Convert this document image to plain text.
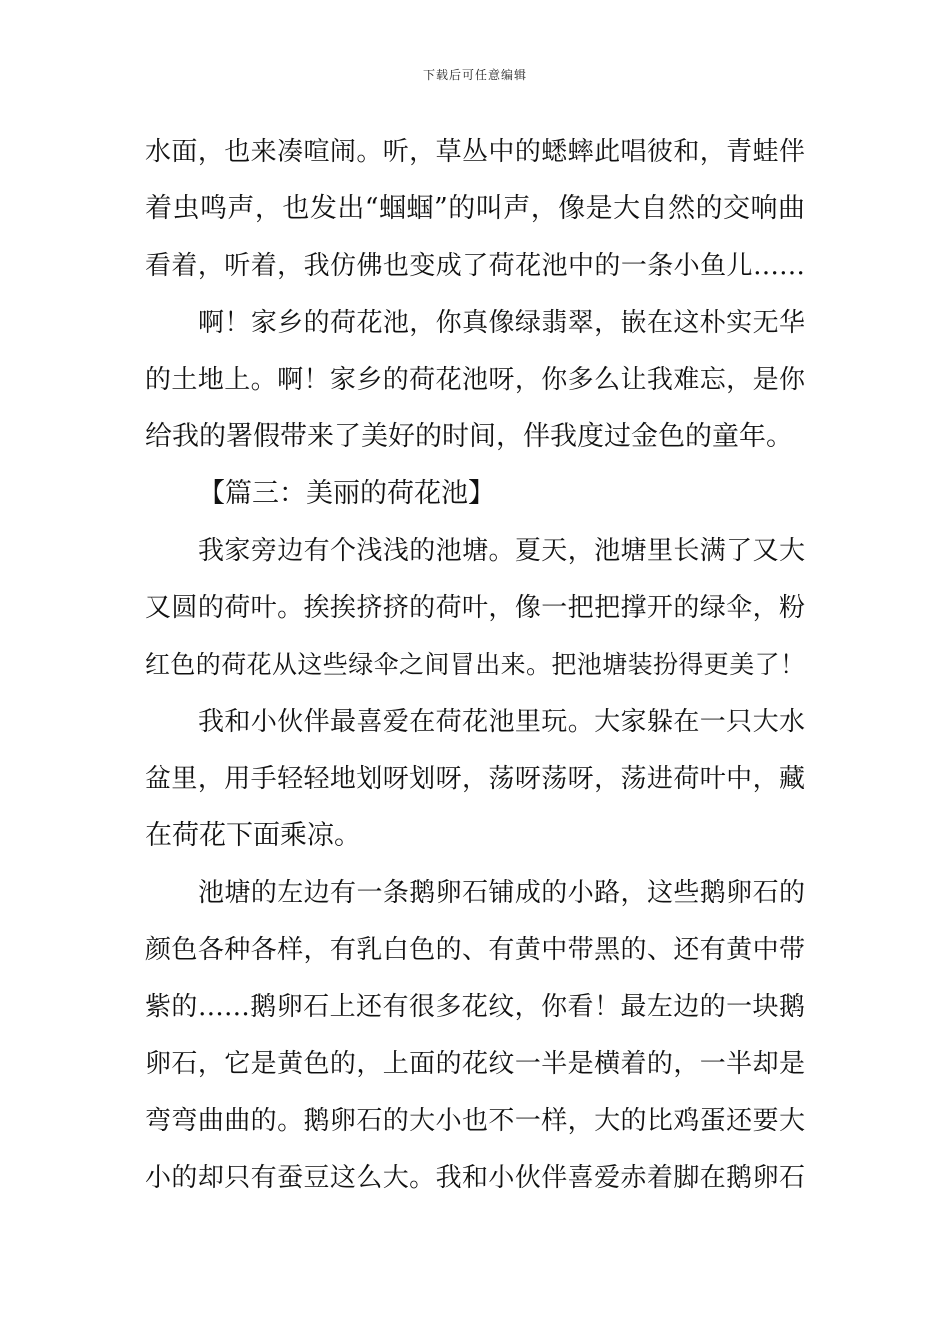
下载后可任意编辑
水面，也来凑喧闹。听，草丛中的蟋蟀此唱彼和，青蛙伴
着虫鸣声，也发出“蝈蝈”的叫声，像是大自然的交响曲
看着，听着，我仿佛也变成了荷花池中的一条小鱼儿……
啊！家乡的荷花池，你真像绿翡翠，嵌在这朴实无华
的土地上。啊！家乡的荷花池呀，你多么让我难忘，是你
给我的署假带来了美好的时间，伴我度过金色的童年。
【篇三：美丽的荷花池】
我家旁边有个浅浅的池塘。夏天，池塘里长满了又大
又圆的荷叶。挨挨挤挤的荷叶，像一把把撑开的绿伞，粉
红色的荷花从这些绿伞之间冒出来。把池塘装扮得更美了！
我和小伙伴最喜爱在荷花池里玩。大家躲在一只大水
盆里，用手轻轻地划呀划呀，荡呀荡呀，荡进荷叶中，藏
在荷花下面乘凉。
池塘的左边有一条鹅卵石铺成的小路，这些鹅卵石的
颜色各种各样，有乳白色的、有黄中带黑的、还有黄中带
紫的……鹅卵石上还有很多花纹，你看！最左边的一块鹅
卵石，它是黄色的，上面的花纹一半是横着的，一半却是
弯弯曲曲的。鹅卵石的大小也不一样，大的比鸡蛋还要大
小的却只有蚕豆这么大。我和小伙伴喜爱赤着脚在鹅卵石
